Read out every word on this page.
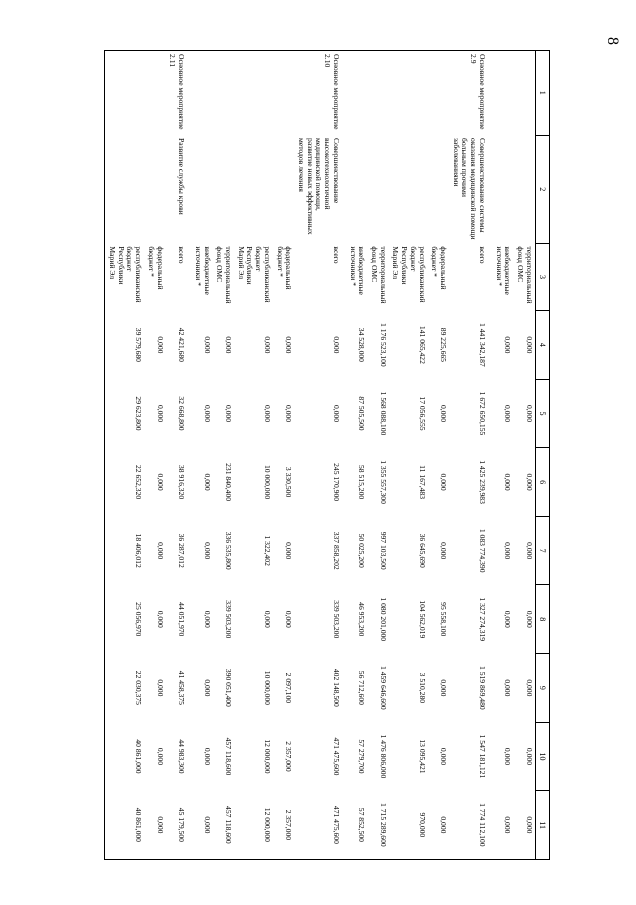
8
1	2	3	4	5	6	7	8	9	10	11
		территориальный фонд ОМС	0,000	0,000	0,000	0,000	0,000	0,000	0,000	0,000
		внебюджетные источники *	0,000	0,000	0,000	0,000	0,000	0,000	0,000	0,000
Основное мероприятие 2.9	Совершенствование системы оказания медицинской помощи больным прочими заболеваниями	всего	1 441 342,187	1 672 650,155	1 425 239,983	1 083 774,390	1 327 274,319	1 519 869,480	1 547 181,121	1 774 112,100
		федеральный бюджет *	89 225,665	0,000	0,000	0,000	95 558,100	0,000	0,000	0,000
		республиканский бюджет Республики Марий Эл	141 065,422	17 056,555	11 167,483	36 645,690	104 562,019	3 510,280	13 095,421	970,000
		территориальный фонд ОМС	1 176 523,100	1 568 088,100	1 355 557,300	997 103,500	1 080 201,000	1 459 646,600	1 476 806,000	1 715 289,600
		внебюджетные источники *	34 528,000	87 505,500	58 515,200	50 025,200	46 953,200	56 712,600	57 279,700	57 852,500
Основное мероприятие 2.10	Совершенствование высокотехнологичной медицинской помощи, развитие новых эффективных методов лечения	всего	0,000	0,000	245 170,900	337 858,202	339 503,200	402 148,500	471 475,600	471 475,600
		федеральный бюджет *	0,000	0,000	3 330,500	0,000	0,000	2 097,100	2 357,000	2 357,000
		республиканский бюджет Республики Марий Эл	0,000	0,000	10 000,000	1 322,402	0,000	10 000,000	12 000,000	12 000,000
		территориальный фонд ОМС	0,000	0,000	231 840,400	336 535,800	339 503,200	390 051,400	457 118,600	457 118,600
		внебюджетные источники *	0,000	0,000	0,000	0,000	0,000	0,000	0,000	0,000
Основное мероприятие 2.11	Развитие службы крови	всего	42 421,680	32 668,800	38 916,320	36 287,012	44 051,970	41 458,375	44 983,300	45 179,500
		федеральный бюджет *	0,000	0,000	0,000	0,000	0,000	0,000	0,000	0,000
		республиканский бюджет Республики Марий Эл	39 579,680	29 623,800	22 652,320	18 406,012	25 056,970	22 030,375	40 861,000	40 861,000
